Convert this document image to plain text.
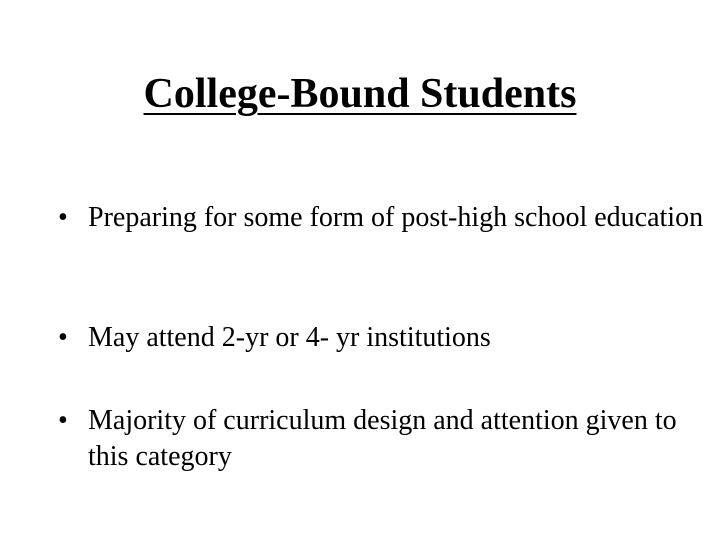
College-Bound Students
• Preparing for some form of post-high school education
• May attend 2-yr or 4- yr institutions
• Majority of curriculum design and attention given to this category
